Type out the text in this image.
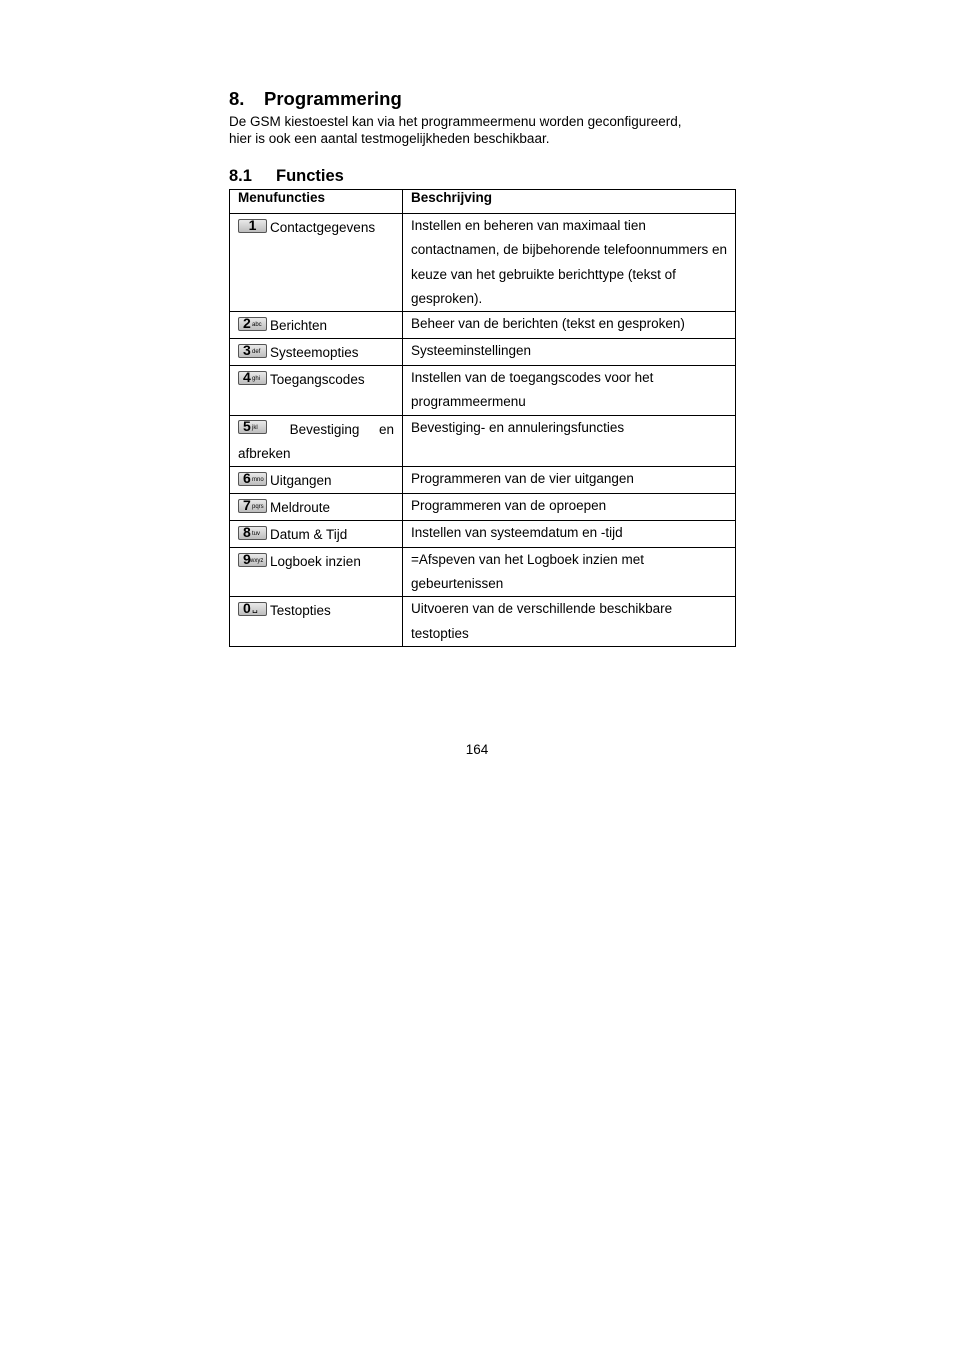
8.	Programmering
De GSM kiestoestel kan via het programmeermenu worden geconfigureerd,
hier is ook een aantal testmogelijkheden beschikbaar.
8.1	Functies
Menufuncties	Beschrijving

1 Contactgegevens	Instellen en beheren van maximaal tien contactnamen, de bijbehorende telefoonnummers en keuze van het gebruikte berichttype (tekst of gesproken).

2 abc Berichten	Beheer van de berichten (tekst en gesproken)

3 def Systeemopties	Systeeminstellingen

4 ghi Toegangscodes	Instellen van de toegangscodes voor het programmeermenu

5 jkl Bevestiging en
afbreken	Bevestiging- en annuleringsfuncties

6 mno Uitgangen	Programmeren van de vier uitgangen

7 pqrs Meldroute	Programmeren van de oproepen

8 tuv Datum & Tijd	Instellen van systeemdatum en -tijd

9 wxyz Logboek inzien	=Afspeven van het Logboek inzien met gebeurtenissen

0 ␣ Testopties	Uitvoeren van de verschillende beschikbare testopties
164
